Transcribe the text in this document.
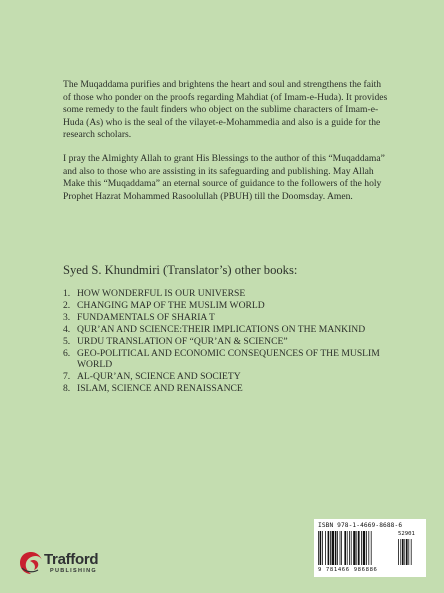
The Muqaddama purifies and brightens the heart and soul and strengthens the faith of those who ponder on the proofs regarding Mahdiat (of Imam-e-Huda). It provides some remedy to the fault finders who object on the sublime characters of Imam-e-Huda (As) who is the seal of the vilayet-e-Mohammedia and also is a guide for the research scholars.

I pray the Almighty Allah to grant His Blessings to the author of this “Muqaddama” and also to those who are assisting in its safeguarding and publishing. May Allah Make this “Muqaddama” an eternal source of guidance to the followers of the holy Prophet Hazrat Mohammed Rasoolullah (PBUH) till the Doomsday. Amen.

Syed S. Khundmiri (Translator’s) other books:

1. HOW WONDERFUL IS OUR UNIVERSE
2. CHANGING MAP OF THE MUSLIM WORLD
3. FUNDAMENTALS OF SHARIA T
4. QUR’AN AND SCIENCE:THEIR IMPLICATIONS ON THE MANKIND
5. URDU TRANSLATION OF “QUR’AN & SCIENCE”
6. GEO-POLITICAL AND ECONOMIC CONSEQUENCES OF THE MUSLIM WORLD
7. AL-QUR’AN, SCIENCE AND SOCIETY
8. ISLAM, SCIENCE AND RENAISSANCE
ISBN 978-1-4669-8688-6
52901
9 781466 986886
Trafford
PUBLISHING
